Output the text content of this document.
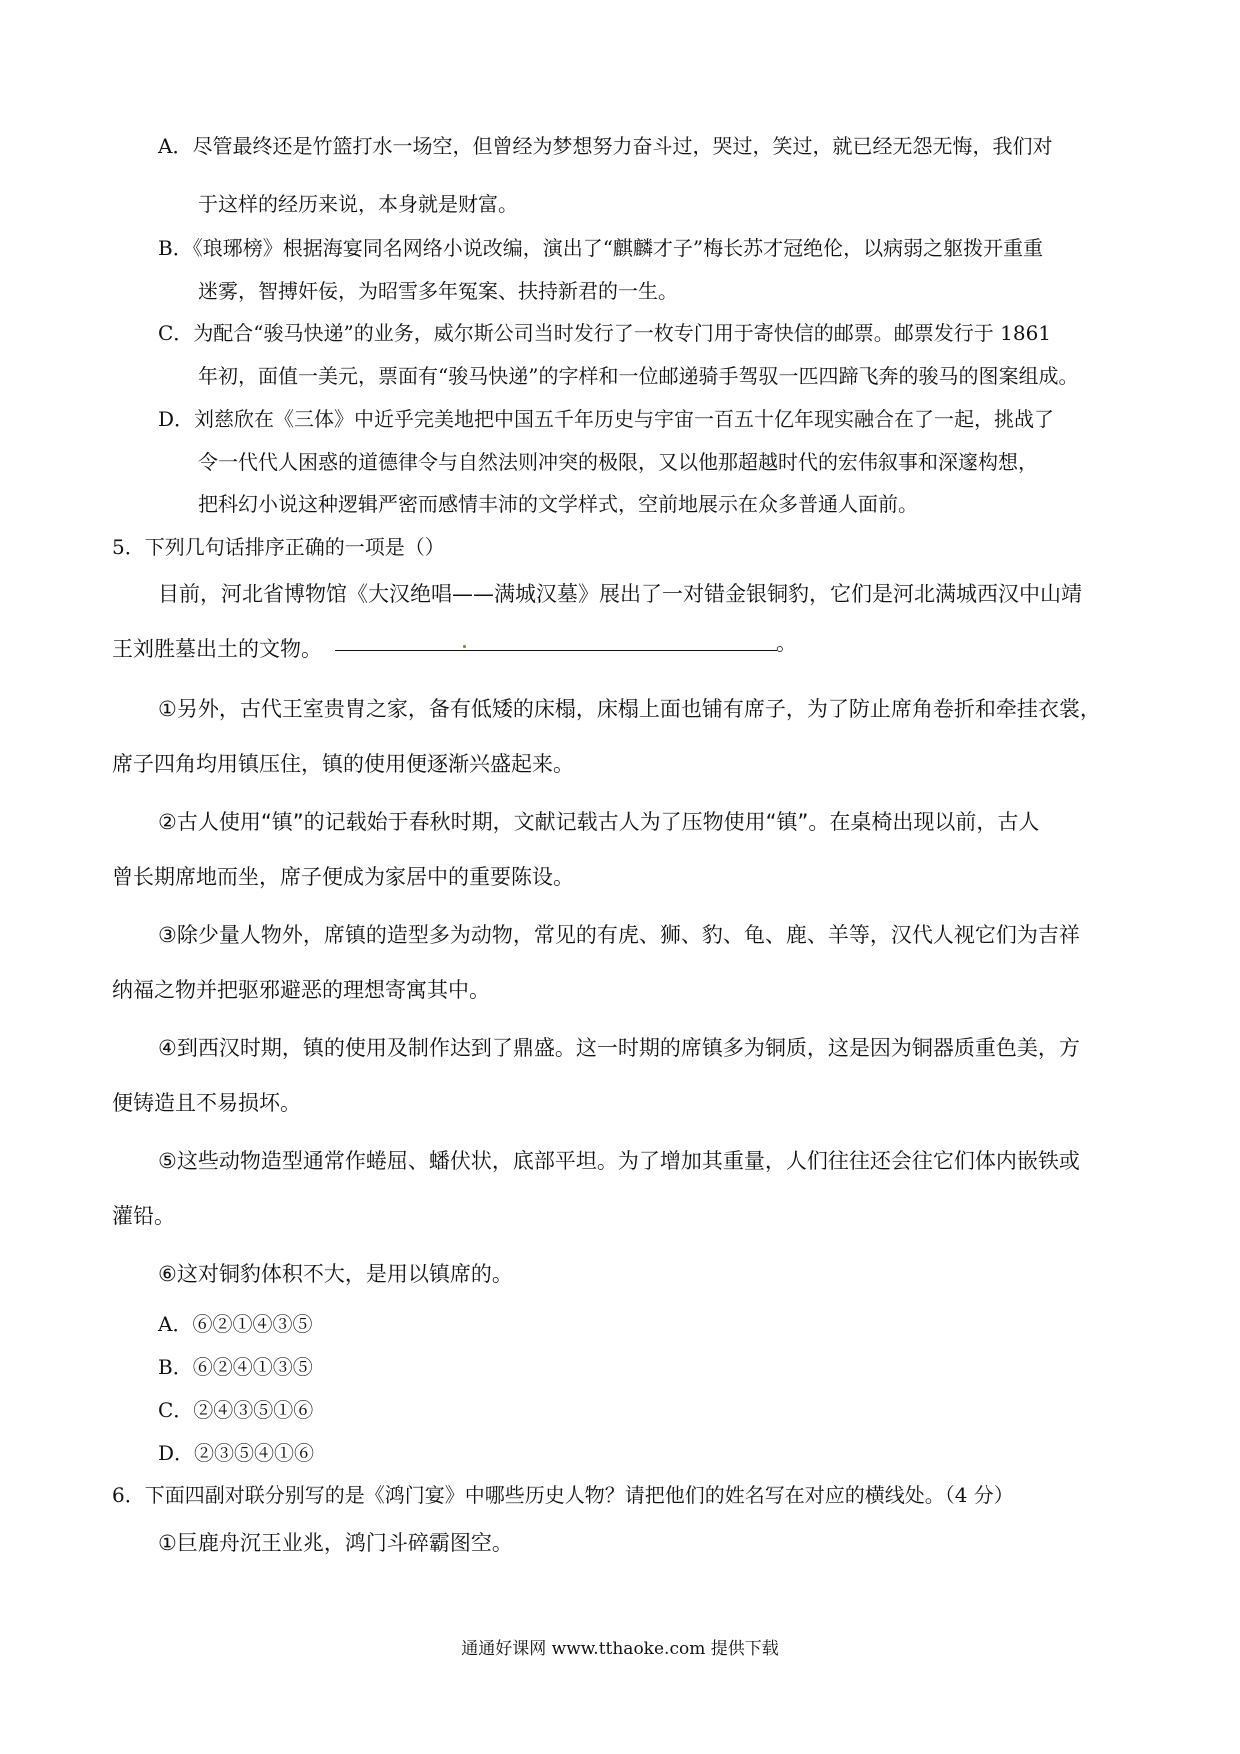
A．尽管最终还是竹篮打水一场空，但曾经为梦想努力奋斗过，哭过，笑过，就已经无怨无悔，我们对
于这样的经历来说，本身就是财富。
B．《琅琊榜》根据海宴同名网络小说改编，演出了“麒麟才子”梅长苏才冠绝伦，以病弱之躯拨开重重
迷雾，智搏奸佞，为昭雪多年冤案、扶持新君的一生。
C．为配合“骏马快递”的业务，威尔斯公司当时发行了一枚专门用于寄快信的邮票。邮票发行于 1861
年初，面值一美元，票面有“骏马快递”的字样和一位邮递骑手驾驭一匹四蹄飞奔的骏马的图案组成。
D．刘慈欣在《三体》中近乎完美地把中国五千年历史与宇宙一百五十亿年现实融合在了一起，挑战了
令一代代人困惑的道德律令与自然法则冲突的极限，又以他那超越时代的宏伟叙事和深邃构想，
把科幻小说这种逻辑严密而感情丰沛的文学样式，空前地展示在众多普通人面前。
5．下列几句话排序正确的一项是（）
目前，河北省博物馆《大汉绝唱——满城汉墓》展出了一对错金银铜豹，它们是河北满城西汉中山靖
王刘胜墓出土的文物。	。
①另外，古代王室贵胄之家，备有低矮的床榻，床榻上面也铺有席子，为了防止席角卷折和牵挂衣裳，
席子四角均用镇压住，镇的使用便逐渐兴盛起来。
②古人使用“镇”的记载始于春秋时期，文献记载古人为了压物使用“镇”。在桌椅出现以前，古人
曾长期席地而坐，席子便成为家居中的重要陈设。
③除少量人物外，席镇的造型多为动物，常见的有虎、狮、豹、龟、鹿、羊等，汉代人视它们为吉祥
纳福之物并把驱邪避恶的理想寄寓其中。
④到西汉时期，镇的使用及制作达到了鼎盛。这一时期的席镇多为铜质，这是因为铜器质重色美，方
便铸造且不易损坏。
⑤这些动物造型通常作蜷屈、蟠伏状，底部平坦。为了增加其重量，人们往往还会往它们体内嵌铁或
灌铅。
⑥这对铜豹体积不大，是用以镇席的。
A．⑥②①④③⑤
B．⑥②④①③⑤
C．②④③⑤①⑥
D．②③⑤④①⑥
6．下面四副对联分别写的是《鸿门宴》中哪些历史人物？请把他们的姓名写在对应的横线处。（4 分）
①巨鹿舟沉王业兆，鸿门斗碎霸图空。
通通好课网 www.tthaoke.com 提供下载
